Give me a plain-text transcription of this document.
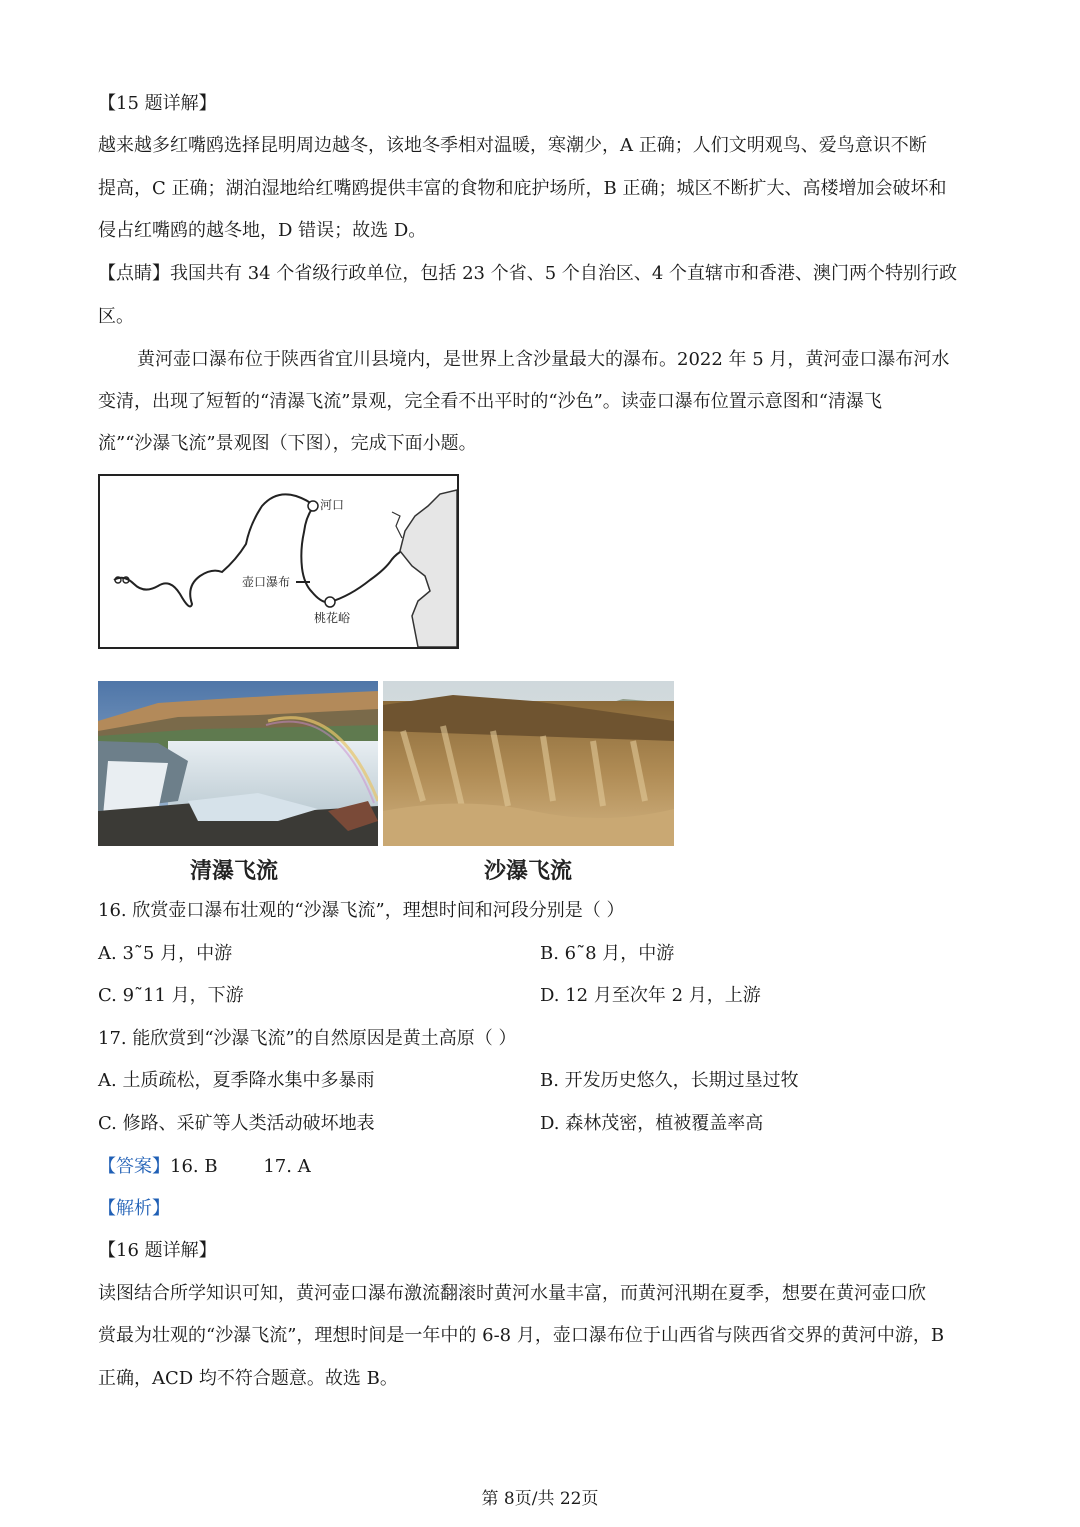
【15 题详解】
越来越多红嘴鸥选择昆明周边越冬，该地冬季相对温暖，寒潮少，A 正确；人们文明观鸟、爱鸟意识不断
提高，C 正确；湖泊湿地给红嘴鸥提供丰富的食物和庇护场所，B 正确；城区不断扩大、高楼增加会破坏和
侵占红嘴鸥的越冬地，D 错误；故选 D。
【点睛】我国共有 34 个省级行政单位，包括 23 个省、5 个自治区、4 个直辖市和香港、澳门两个特别行政
区。
黄河壶口瀑布位于陕西省宜川县境内，是世界上含沙量最大的瀑布。2022 年 5 月，黄河壶口瀑布河水
变清，出现了短暂的“清瀑飞流”景观，完全看不出平时的“沙色”。读壶口瀑布位置示意图和“清瀑飞
流”“沙瀑飞流”景观图（下图），完成下面小题。
河口
壶口瀑布
桃花峪
清瀑飞流	沙瀑飞流
16. 欣赏壶口瀑布壮观的“沙瀑飞流”，理想时间和河段分别是（ ）
A. 3˜5 月，中游	B. 6˜8 月，中游
C. 9˜11 月，下游	D. 12 月至次年 2 月，上游
17. 能欣赏到“沙瀑飞流”的自然原因是黄土高原（ ）
A. 土质疏松，夏季降水集中多暴雨	B. 开发历史悠久，长期过垦过牧
C. 修路、采矿等人类活动破坏地表	D. 森林茂密，植被覆盖率高
【答案】16. B        17. A
【解析】
【16 题详解】
读图结合所学知识可知，黄河壶口瀑布激流翻滚时黄河水量丰富，而黄河汛期在夏季，想要在黄河壶口欣
赏最为壮观的“沙瀑飞流”，理想时间是一年中的 6-8 月，壶口瀑布位于山西省与陕西省交界的黄河中游，B
正确，ACD 均不符合题意。故选 B。
第 8页/共 22页
